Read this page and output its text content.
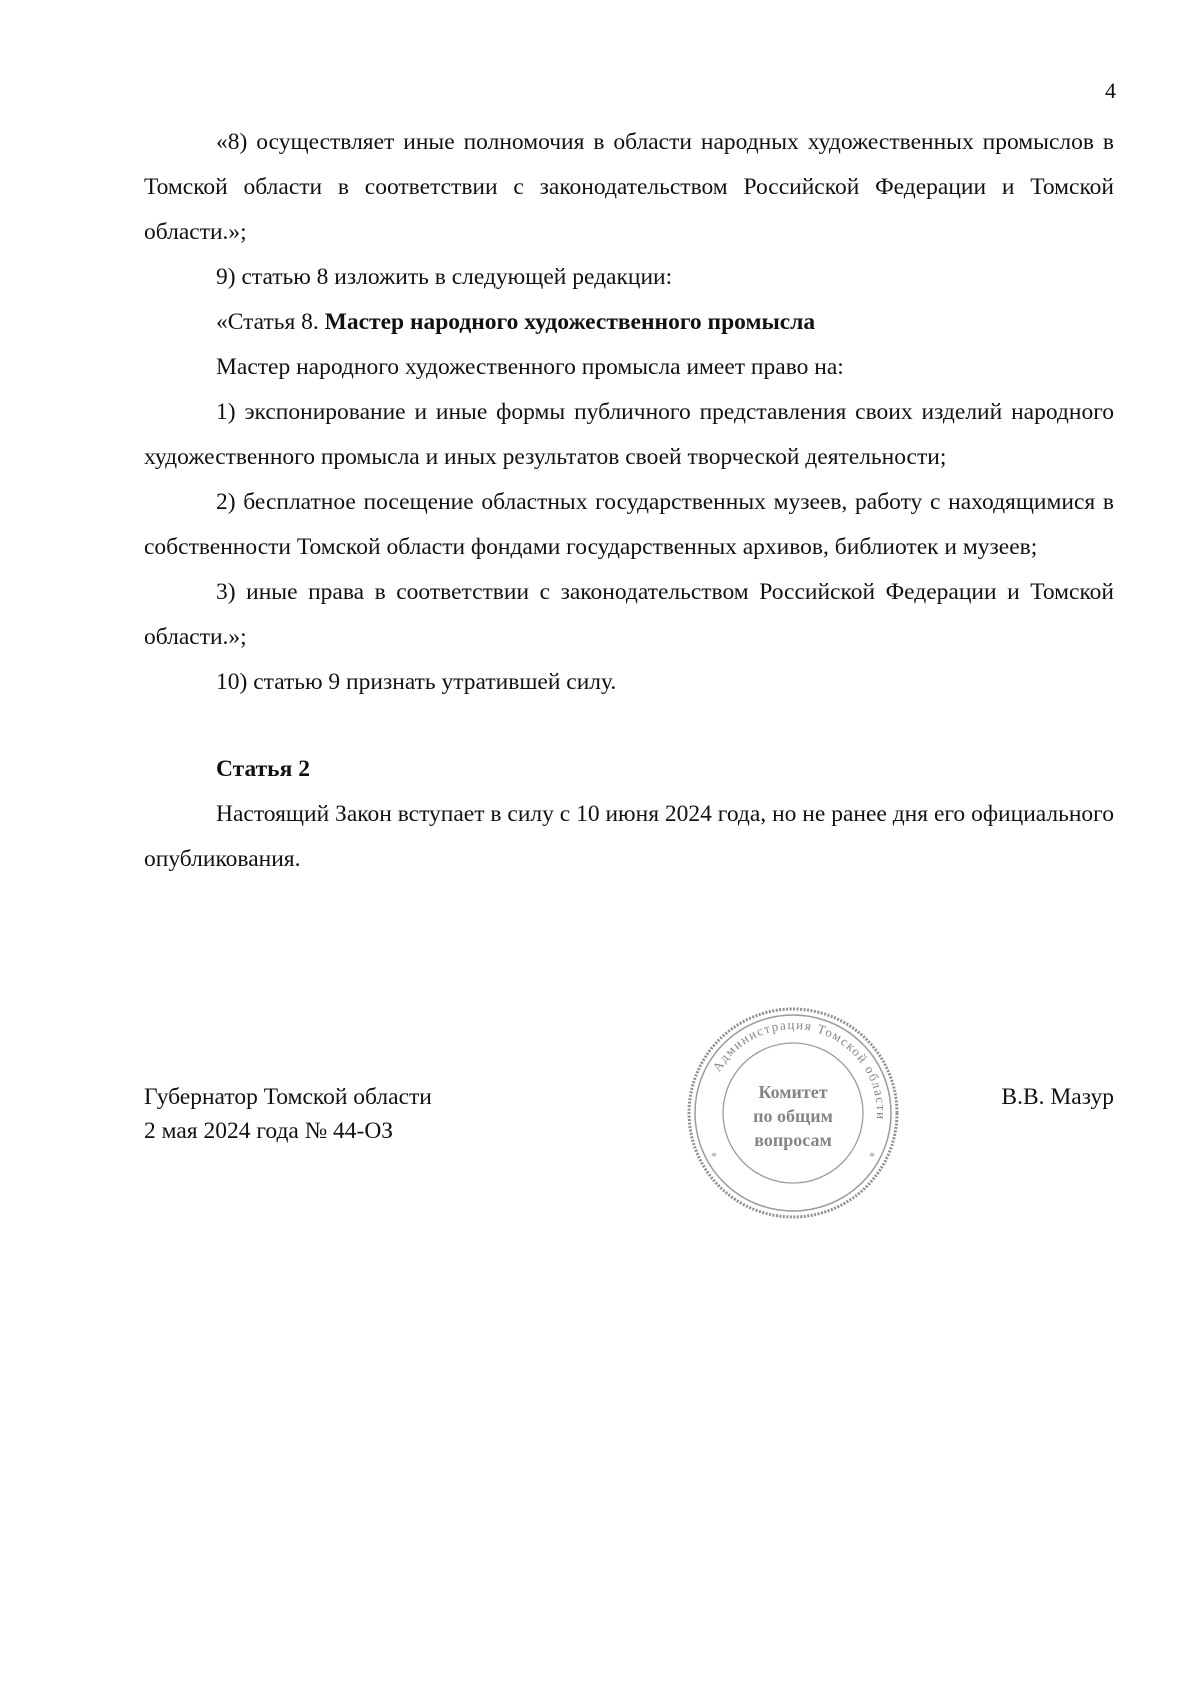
4

«8) осуществляет иные полномочия в области народных художественных промыслов в Томской области в соответствии с законодательством Российской Федерации и Томской области.»;

9) статью 8 изложить в следующей редакции:

«Статья 8. Мастер народного художественного промысла

Мастер народного художественного промысла имеет право на:

1) экспонирование и иные формы публичного представления своих изделий народного художественного промысла и иных результатов своей творческой деятельности;

2) бесплатное посещение областных государственных музеев, работу с находящимися в собственности Томской области фондами государственных архивов, библиотек и музеев;

3) иные права в соответствии с законодательством Российской Федерации и Томской области.»;

10) статью 9 признать утратившей силу.

Статья 2

Настоящий Закон вступает в силу с 10 июня 2024 года, но не ранее дня его официального опубликования.

Губернатор Томской области
2 мая 2024 года № 44-ОЗ
В.В. Мазур
Администрация Томской области
Комитет
по общим
вопросам
*	*
